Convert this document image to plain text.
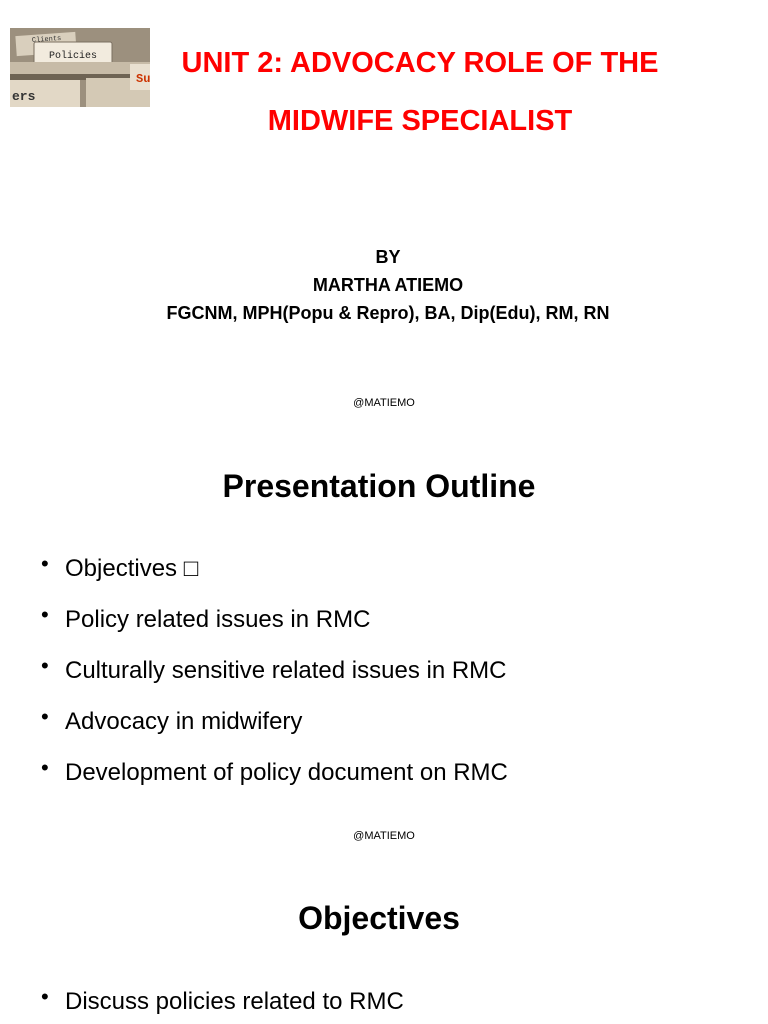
Policies
Clients
ers
Su	UNIT 2: ADVOCACY ROLE OF THE
MIDWIFE SPECIALIST

BY

MARTHA ATIEMO

FGCNM, MPH(Popu & Repro), BA, Dip(Edu), RM, RN

@MATIEMO

Presentation Outline

• Objectives □
• Policy related issues in RMC
• Culturally sensitive related issues in RMC
• Advocacy in midwifery
• Development of policy document on RMC

@MATIEMO

Objectives

• Discuss policies related to RMC
